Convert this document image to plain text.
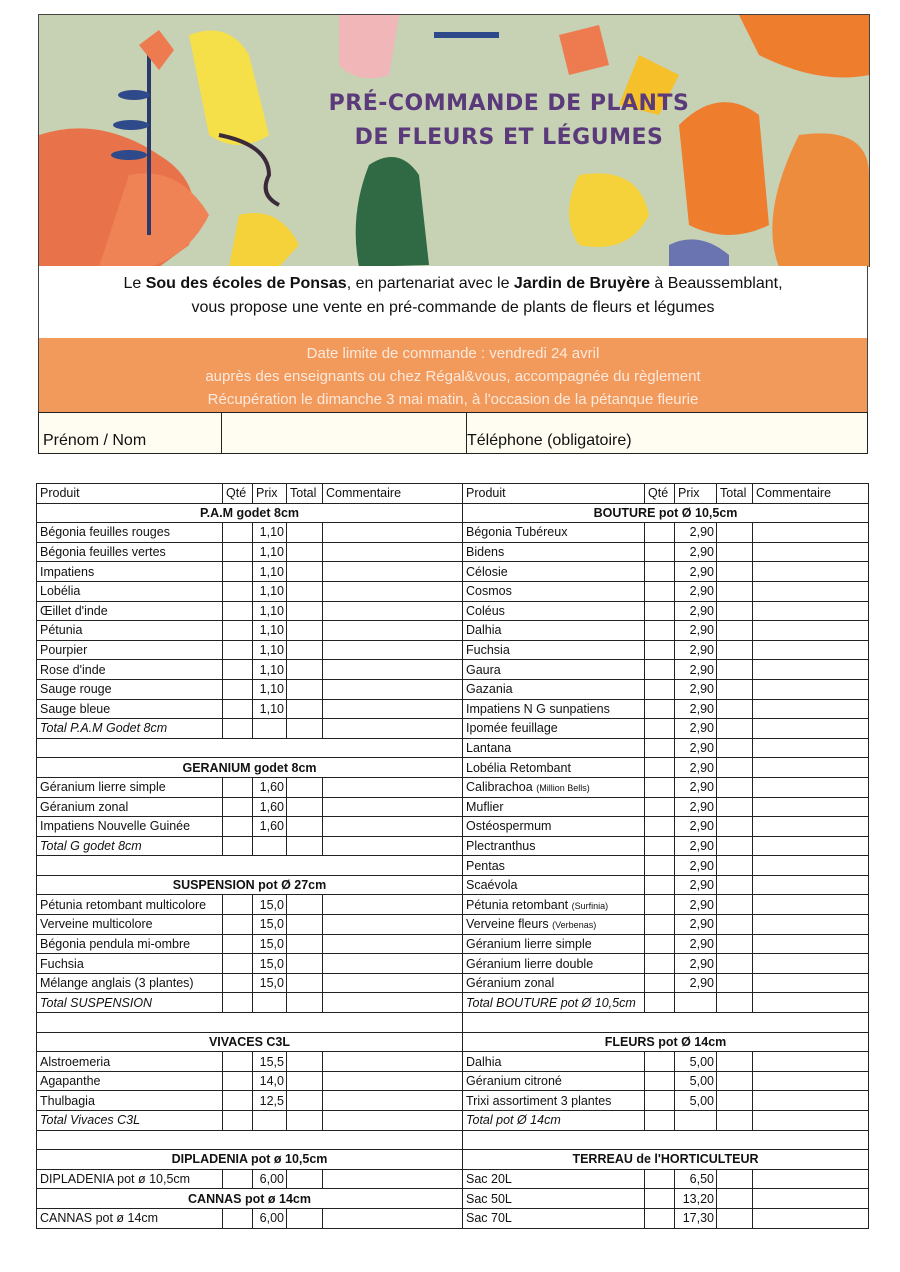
PRÉ-COMMANDE DE PLANTS
DE FLEURS ET LÉGUMES
Le Sou des écoles de Ponsas, en partenariat avec le Jardin de Bruyère à Beaussemblant,
vous propose une vente en pré-commande de plants de fleurs et légumes
Date limite de commande : vendredi 24 avril
auprès des enseignants ou chez Régal&vous, accompagnée du règlement
Récupération le dimanche 3 mai matin, à l'occasion de la pétanque fleurie
Prénom / Nom	Téléphone (obligatoire)
Produit	Qté	Prix	Total	Commentaire
P.A.M godet 8cm				
Bégonia feuilles rouges		1,10		
Bégonia feuilles vertes		1,10		
Impatiens		1,10		
Lobélia		1,10		
Œillet d'inde		1,10		
Pétunia		1,10		
Pourpier		1,10		
Rose d'inde		1,10		
Sauge rouge		1,10		
Sauge bleue		1,10		
Total P.A.M Godet 8cm				

GERANIUM godet 8cm				
Géranium lierre simple		1,60		
Géranium zonal		1,60		
Impatiens Nouvelle Guinée		1,60		
Total G godet 8cm				

SUSPENSION pot Ø 27cm				
Pétunia retombant multicolore		15,0		
Verveine multicolore		15,0		
Bégonia pendula mi-ombre		15,0		
Fuchsia		15,0		
Mélange anglais (3 plantes)		15,0		
Total SUSPENSION				

VIVACES C3L				
Alstroemeria		15,5		
Agapanthe		14,0		
Thulbagia		12,5		
Total Vivaces C3L				

DIPLADENIA pot ø 10,5cm				
DIPLADENIA pot ø 10,5cm		6,00		
CANNAS pot ø 14cm				
CANNAS pot ø 14cm		6,00		
Produit	Qté	Prix	Total	Commentaire
BOUTURE pot Ø 10,5cm				
Bégonia Tubéreux		2,90		
Bidens		2,90		
Célosie		2,90		
Cosmos		2,90		
Coléus		2,90		
Dalhia		2,90		
Fuchsia		2,90		
Gaura		2,90		
Gazania		2,90		
Impatiens N G sunpatiens		2,90		
Ipomée feuillage		2,90		
Lantana		2,90		
Lobélia Retombant		2,90		
Calibrachoa (Million Bells)		2,90		
Muflier		2,90		
Ostéospermum		2,90		
Plectranthus		2,90		
Pentas		2,90		
Scaévola		2,90		
Pétunia retombant (Surfinia)		2,90		
Verveine fleurs (Verbenas)		2,90		
Géranium lierre simple		2,90		
Géranium lierre double		2,90		
Géranium zonal		2,90		
Total BOUTURE pot Ø 10,5cm				

FLEURS pot Ø 14cm				
Dalhia		5,00		
Géranium citroné		5,00		
Trixi assortiment 3 plantes		5,00		
Total pot Ø 14cm				

TERREAU de l'HORTICULTEUR				
Sac 20L		6,50		
Sac 50L		13,20		
Sac 70L		17,30		
